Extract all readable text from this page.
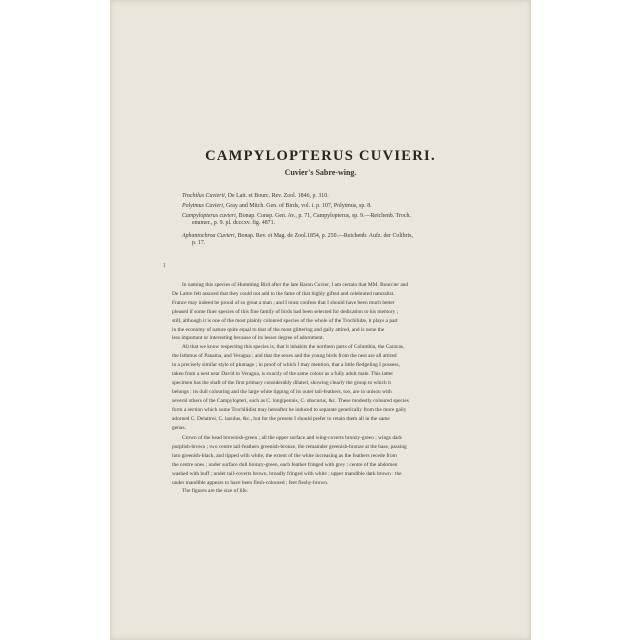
CAMPYLOPTERUS CUVIERI.
Cuvier's Sabre-wing.
Trochilus Cuvierii, De Latt. et Bourc. Rev. Zool. 1846, p. 310.
Polytmus Cuvieri, Gray and Mitch. Gen. of Birds, vol. i. p. 107, Polytmus, sp. 8.
Campylopterus cuvieri, Bonap. Consp. Gen. Av., p. 71, Campylopterus, sp. 9.—Reichenb. Troch.
enumer., p. 9. pl. dcccxv. fig. 4871.
Aphantochroa Cuvieri, Bonap. Rev. et Mag. de Zool.1854, p. 250.—Reichenb. Aufz. der Colibris,
p. 17.
1
In naming this species of Humming Bird after the late Baron Cuvier, I am certain that MM. Bourcier and
De Lattre felt assured that they could not add to the fame of that highly gifted and celebrated naturalist.
France may indeed be proud of so great a man ; and I must confess that I should have been much better
pleased if some finer species of this fine family of birds had been selected for dedication to his memory ;
still, although it is one of the most plainly coloured species of the whole of the Trochilidæ, it plays a part
in the economy of nature quite equal to that of the most glittering and gaily attired, and is none the
less important or interesting because of its lesser degree of adornment.
All that we know respecting this species is, that it inhabits the northern parts of Columbia, the Caracas,
the Isthmus of Panama, and Veragua ; and that the sexes and the young birds from the nest are all attired
in a precisely similar style of plumage ; in proof of which I may mention, that a little fledgeling I possess,
taken from a nest near David in Veragua, is exactly of the same colour as a fully adult male. This latter
specimen has the shaft of the first primary considerably dilated, showing clearly the group to which it
belongs : its dull colouring and the large white tipping of its outer tail-feathers, too, are in unison with
several others of the Campylopteri, such as C. longipennis, C. obscurus, &c. These modestly coloured species
form a section which some Trochilidist may hereafter be induced to separate generically from the more gaily
adorned C. Delattrei, C. lazulus, &c., but for the present I should prefer to retain them all in the same
genus.
Crown of the head brownish-green ; all the upper surface and wing-coverts bronzy-green ; wings dark
purplish-brown ; two centre tail-feathers greenish-bronze, the remainder greenish-bronze at the base, passing
into greenish-black, and tipped with white, the extent of the white increasing as the feathers recede from
the centre ones ; under surface dull bronzy-green, each feather fringed with grey ; centre of the abdomen
washed with buff ; under tail-coverts brown, broadly fringed with white ; upper mandible dark brown : the
under mandible appears to have been flesh-coloured ; feet fleshy-brown.
The figures are the size of life.
